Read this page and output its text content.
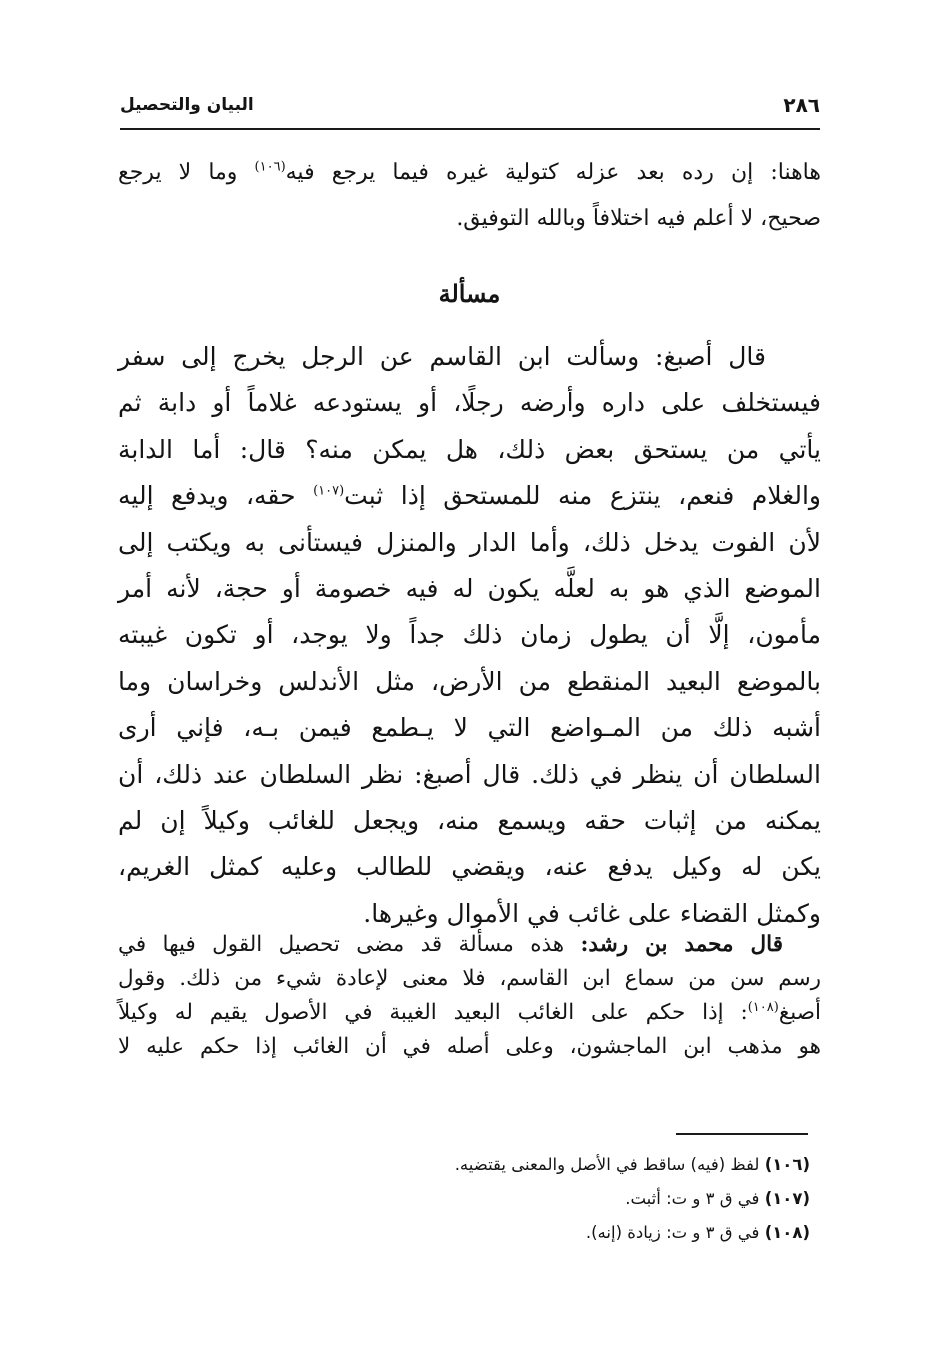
٢٨٦
البيان والتحصيل
هاهنا: إن رده بعد عزله كتولية غيره فيما يرجع فيه$^{(١٠٦)}$ وما لا يرجع
صحيح، لا أعلم فيه اختلافاً وبالله التوفيق.
مسألة
قال أصبغ: وسألت ابن القاسم عن الرجل يخرج إلى سفر
فيستخلف على داره وأرضه رجلًا، أو يستودعه غلاماً أو دابة ثم
يأتي من يستحق بعض ذلك، هل يمكن منه؟ قال: أما الدابة
والغلام فنعم، ينتزع منه للمستحق إذا ثبت$^{(١٠٧)}$ حقه، ويدفع إليه
لأن الفوت يدخل ذلك، وأما الدار والمنزل فيستأنى به ويكتب إلى
الموضع الذي هو به لعلَّه يكون له فيه خصومة أو حجة، لأنه أمر
مأمون، إلَّا أن يطول زمان ذلك جداً ولا يوجد، أو تكون غيبته
بالموضع البعيد المنقطع من الأرض، مثل الأندلس وخراسان وما
أشبه ذلك من المـواضع التي لا يـطمع فيمن بـه، فإني أرى
السلطان أن ينظر في ذلك. قال أصبغ: نظر السلطان عند ذلك، أن
يمكنه من إثبات حقه ويسمع منه، ويجعل للغائب وكيلاً إن لم
يكن له وكيل يدفع عنه، ويقضي للطالب وعليه كمثل الغريم،
وكمثل القضاء على غائب في الأموال وغيرها.
قال محمد بن رشد: هذه مسألة قد مضى تحصيل القول فيها في
رسم سن من سماع ابن القاسم، فلا معنى لإعادة شيء من ذلك. وقول
أصبغ$^{(١٠٨)}$: إذا حكم على الغائب البعيد الغيبة في الأصول يقيم له وكيلاً
هو مذهب ابن الماجشون، وعلى أصله في أن الغائب إذا حكم عليه لا
(١٠٦) لفظ (فيه) ساقط في الأصل والمعنى يقتضيه.
(١٠٧) في ق ٣ و ت: أثبت.
(١٠٨) في ق ٣ و ت: زيادة (إنه).
